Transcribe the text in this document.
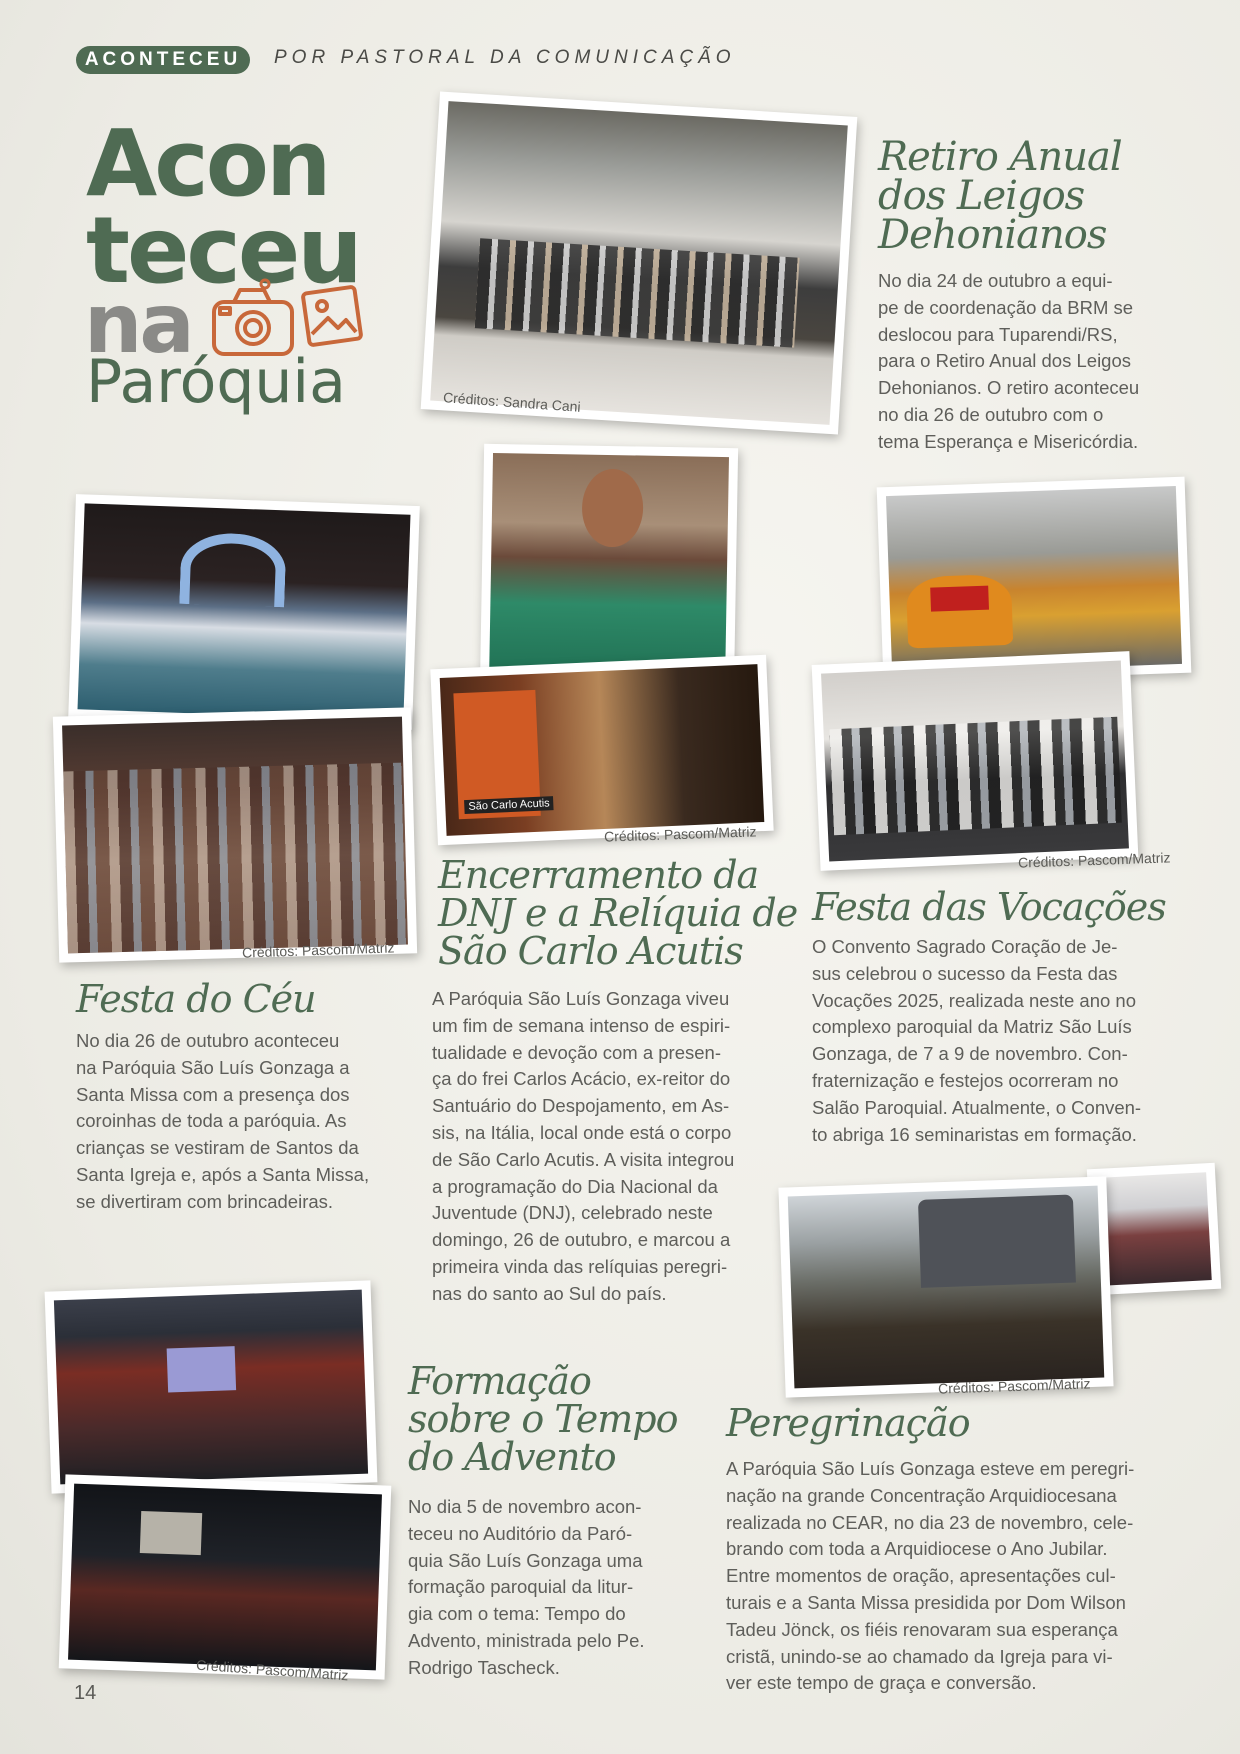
ACONTECEU	POR PASTORAL DA COMUNICAÇÃO
Acon
teceu
na
Paróquia	Créditos: Sandra Cani
Retiro Anual
dos Leigos
Dehonianos
No dia 24 de outubro a equi-
pe de coordenação da BRM se
deslocou para Tuparendi/RS,
para o Retiro Anual dos Leigos
Dehonianos. O retiro aconteceu
no dia 26 de outubro com o
tema Esperança e Misericórdia.
Créditos: Pascom/Matriz
Festa do Céu
No dia 26 de outubro aconteceu
na Paróquia São Luís Gonzaga a
Santa Missa com a presença dos
coroinhas de toda a paróquia. As
crianças se vestiram de Santos da
Santa Igreja e, após a Santa Missa,
se divertiram com brincadeiras.
São Carlo Acutis
Créditos: Pascom/Matriz
Encerramento da
DNJ e a Relíquia de
São Carlo Acutis
A Paróquia São Luís Gonzaga viveu
um fim de semana intenso de espiri-
tualidade e devoção com a presen-
ça do frei Carlos Acácio, ex-reitor do
Santuário do Despojamento, em As-
sis, na Itália, local onde está o corpo
de São Carlo Acutis. A visita integrou
a programação do Dia Nacional da
Juventude (DNJ), celebrado neste
domingo, 26 de outubro, e marcou a
primeira vinda das relíquias peregri-
nas do santo ao Sul do país.
Créditos: Pascom/Matriz
Festa das Vocações
O Convento Sagrado Coração de Je-
sus celebrou o sucesso da Festa das
Vocações 2025, realizada neste ano no
complexo paroquial da Matriz São Luís
Gonzaga, de 7 a 9 de novembro. Con-
fraternização e festejos ocorreram no
Salão Paroquial. Atualmente, o Conven-
to abriga 16 seminaristas em formação.
Créditos: Pascom/Matriz
Formação
sobre o Tempo
do Advento
No dia 5 de novembro acon-
teceu no Auditório da Paró-
quia São Luís Gonzaga uma
formação paroquial da litur-
gia com o tema: Tempo do
Advento, ministrada pelo Pe.
Rodrigo Tascheck.
Créditos: Pascom/Matriz
Peregrinação
A Paróquia São Luís Gonzaga esteve em peregri-
nação na grande Concentração Arquidiocesana
realizada no CEAR, no dia 23 de novembro, cele-
brando com toda a Arquidiocese o Ano Jubilar.
Entre momentos de oração, apresentações cul-
turais e a Santa Missa presidida por Dom Wilson
Tadeu Jönck, os fiéis renovaram sua esperança
cristã, unindo-se ao chamado da Igreja para vi-
ver este tempo de graça e conversão.
14
